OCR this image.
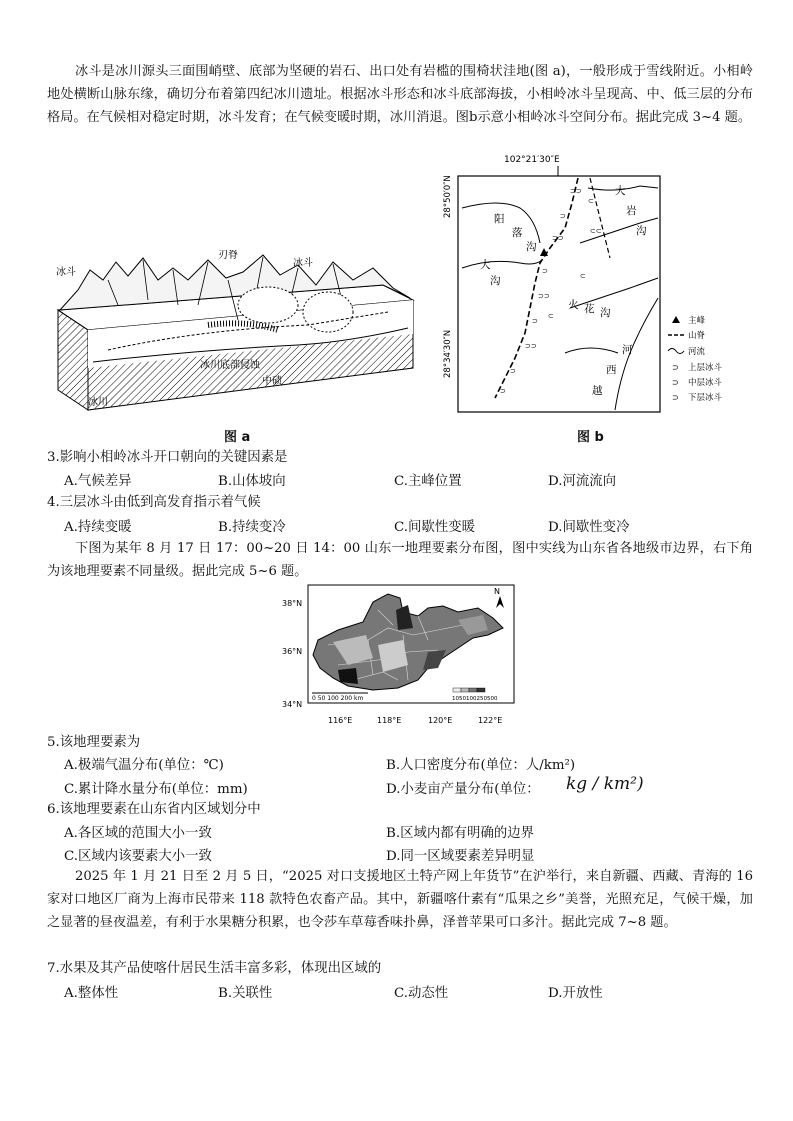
冰斗是冰川源头三面围峭壁、底部为坚硬的岩石、出口处有岩槛的围椅状洼地(图 a)，一般形成于雪线附近。小相岭地处横断山脉东缘，确切分布着第四纪冰川遗址。根据冰斗形态和冰斗底部海拔，小相岭冰斗呈现高、中、低三层的分布格局。在气候相对稳定时期，冰斗发育；在气候变暖时期，冰川消退。图b示意小相岭冰斗空间分布。据此完成 3~4 题。
冰斗
刃脊
冰斗
冰川底部侵蚀
中碛
冰川
图 a
102°21′30″E
28°50′0″N
28°34′30″N
⊃⊃
⊃
⊃⊃
⊃
⊃⊃
⊃
⊃⊃
⊃
⊃
⊂
⊂⊂
⊂
⊂
阳
落
沟
大
沟
大
岩
沟
火 花 沟
河
西
越
主峰
山脊
河流
⊃ 上层冰斗
⊃ 中层冰斗
⊃ 下层冰斗
图 b
3.影响小相岭冰斗开口朝向的关键因素是
A.气候差异	B.山体坡向	C.主峰位置	D.河流流向
4.三层冰斗由低到高发育指示着气候
A.持续变暖	B.持续变冷	C.间歇性变暖	D.间歇性变冷
下图为某年 8 月 17 日 17：00~20 日 14：00 山东一地理要素分布图，图中实线为山东省各地级市边界，右下角为该地理要素不同量级。据此完成 5~6 题。
38°N
36°N
34°N
116°E	118°E	120°E	122°E
N
0 50 100 200 km	1050100250500
5.该地理要素为
A.极端气温分布(单位：℃)	B.人口密度分布(单位：人/km²)
C.累计降水量分布(单位：mm)	D.小麦亩产量分布(单位： kg / km²)
6.该地理要素在山东省内区域划分中
A.各区域的范围大小一致	B.区域内都有明确的边界
C.区域内该要素大小一致	D.同一区域要素差异明显
2025 年 1 月 21 日至 2 月 5 日，“2025 对口支援地区土特产网上年货节”在沪举行，来自新疆、西藏、青海的 16 家对口地区厂商为上海市民带来 118 款特色农畜产品。其中，新疆喀什素有“瓜果之乡”美誉，光照充足，气候干燥，加之显著的昼夜温差，有利于水果糖分积累，也令莎车草莓香味扑鼻，泽普苹果可口多汁。据此完成 7~8 题。
7.水果及其产品使喀什居民生活丰富多彩，体现出区域的
A.整体性	B.关联性	C.动态性	D.开放性
